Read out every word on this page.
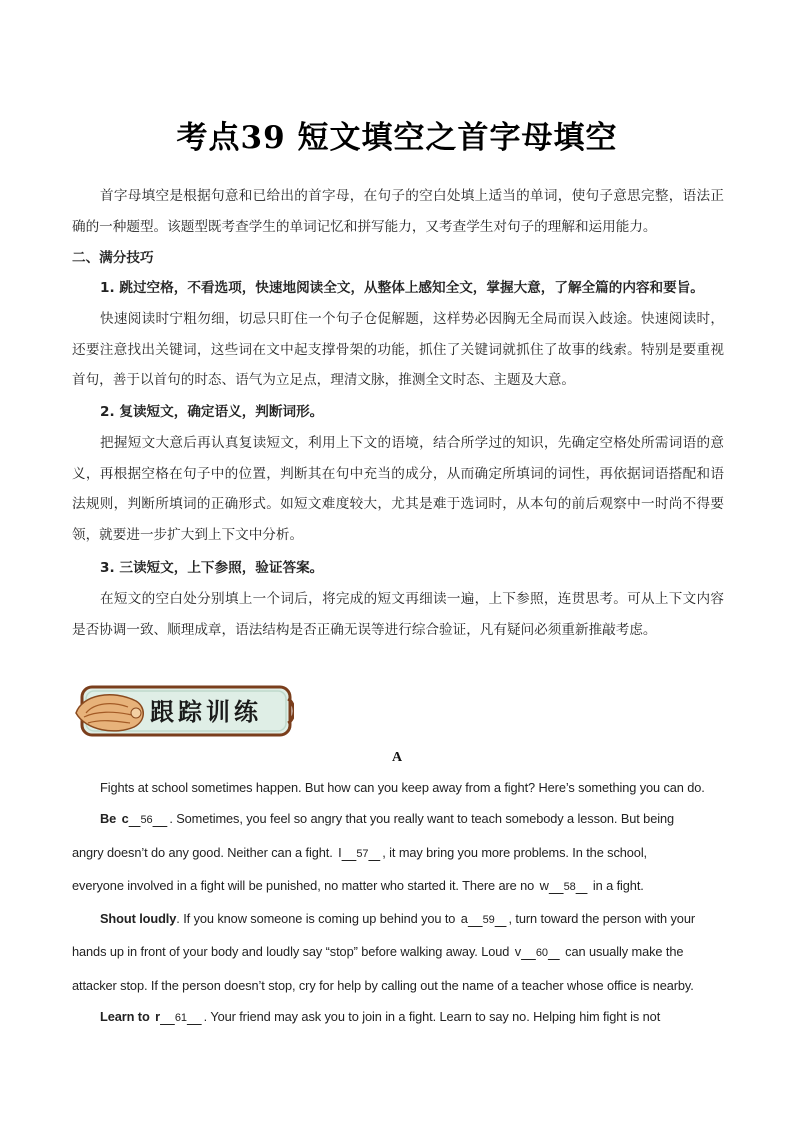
考点39 短文填空之首字母填空
首字母填空是根据句意和已给出的首字母，在句子的空白处填上适当的单词，使句子意思完整，语法正确的一种题型。该题型既考查学生的单词记忆和拼写能力，又考查学生对句子的理解和运用能力。
二、满分技巧
1. 跳过空格，不看选项，快速地阅读全文，从整体上感知全文，掌握大意，了解全篇的内容和要旨。
快速阅读时宁粗勿细，切忌只盯住一个句子仓促解题，这样势必因胸无全局而误入歧途。快速阅读时，还要注意找出关键词，这些词在文中起支撑骨架的功能，抓住了关键词就抓住了故事的线索。特别是要重视首句，善于以首句的时态、语气为立足点，理清文脉，推测全文时态、主题及大意。
2. 复读短文，确定语义，判断词形。
把握短文大意后再认真复读短文，利用上下文的语境，结合所学过的知识，先确定空格处所需词语的意义，再根据空格在句子中的位置，判断其在句中充当的成分，从而确定所填词的词性，再依据词语搭配和语法规则，判断所填词的正确形式。如短文难度较大，尤其是难于选词时，从本句的前后观察中一时尚不得要领，就要进一步扩大到上下文中分析。
3. 三读短文，上下参照，验证答案。
在短文的空白处分别填上一个词后，将完成的短文再细读一遍，上下参照，连贯思考。可从上下文内容是否协调一致、顺理成章，语法结构是否正确无误等进行综合验证，凡有疑问必须重新推敲考虑。
跟踪训练
A
Fights at school sometimes happen. But how can you keep away from a fight? Here’s something you can do.
Be c 56 . Sometimes, you feel so angry that you really want to teach somebody a lesson. But being
angry doesn’t do any good. Neither can a fight. I 57 , it may bring you more problems. In the school,
everyone involved in a fight will be punished, no matter who started it. There are no w 58     in a fight.
Shout loudly. If you know someone is coming up behind you to a 59 , turn toward the person with your
hands up in front of your body and loudly say “stop” before walking away. Loud v 60     can usually make the
attacker stop. If the person doesn’t stop, cry for help by calling out the name of a teacher whose office is nearby.
Learn to r 61 . Your friend may ask you to join in a fight. Learn to say no. Helping him fight is not
